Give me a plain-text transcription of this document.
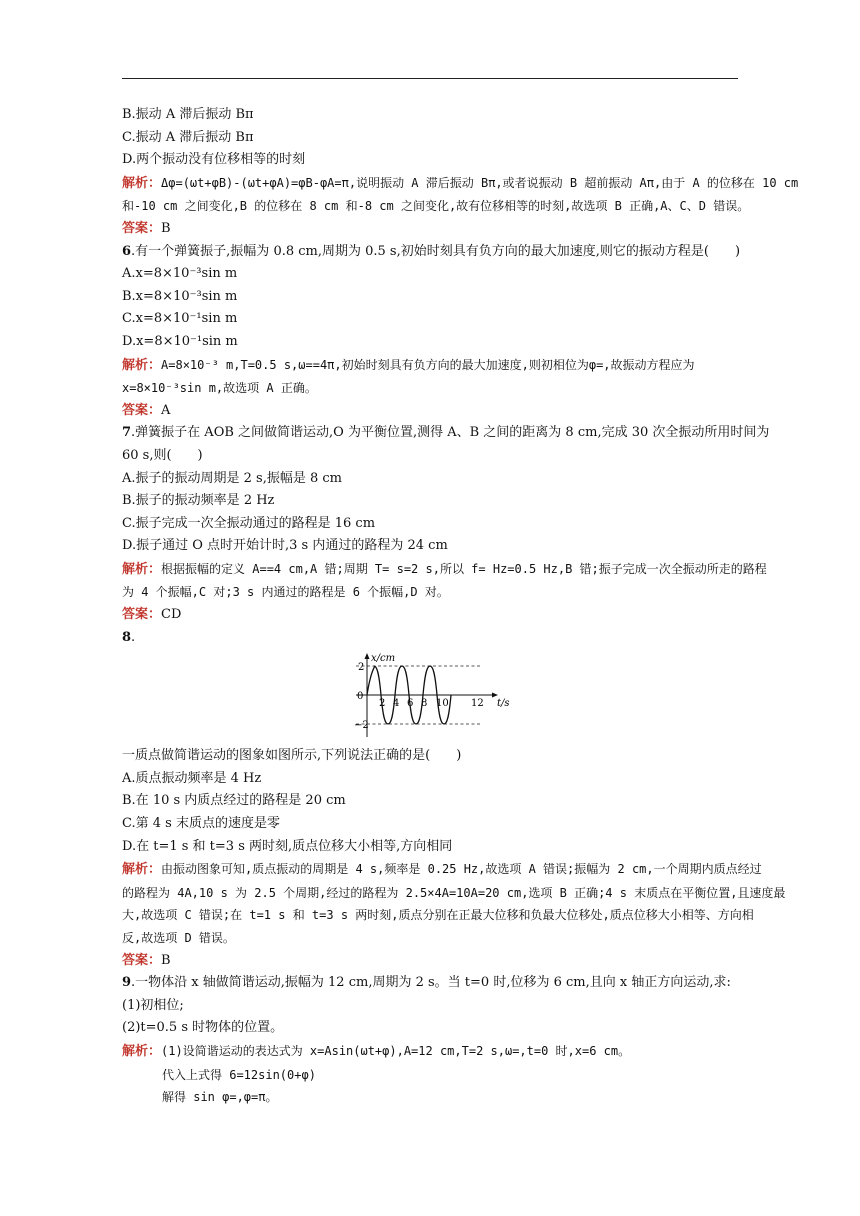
B.振动 A 滞后振动 Bπ
C.振动 A 滞后振动 Bπ
D.两个振动没有位移相等的时刻
解析：Δφ=(ωt+φB)-(ωt+φA)=φB-φA=π,说明振动 A 滞后振动 Bπ,或者说振动 B 超前振动 Aπ,由于 A 的位移在 10 cm
和-10 cm 之间变化,B 的位移在 8 cm 和-8 cm 之间变化,故有位移相等的时刻,故选项 B 正确,A、C、D 错误。
答案：B
6.有一个弹簧振子,振幅为 0.8 cm,周期为 0.5 s,初始时刻具有负方向的最大加速度,则它的振动方程是(　　)
A.x=8×10⁻³sin m
B.x=8×10⁻³sin m
C.x=8×10⁻¹sin m
D.x=8×10⁻¹sin m
解析：A=8×10⁻³ m,T=0.5 s,ω==4π,初始时刻具有负方向的最大加速度,则初相位为φ=,故振动方程应为
x=8×10⁻³sin m,故选项 A 正确。
答案：A
7.弹簧振子在 AOB 之间做简谐运动,O 为平衡位置,测得 A、B 之间的距离为 8 cm,完成 30 次全振动所用时间为
60 s,则(　　)
A.振子的振动周期是 2 s,振幅是 8 cm
B.振子的振动频率是 2 Hz
C.振子完成一次全振动通过的路程是 16 cm
D.振子通过 O 点时开始计时,3 s 内通过的路程为 24 cm
解析：根据振幅的定义 A==4 cm,A 错;周期 T= s=2 s,所以 f= Hz=0.5 Hz,B 错;振子完成一次全振动所走的路程
为 4 个振幅,C 对;3 s 内通过的路程是 6 个振幅,D 对。
答案：CD
8.
x/cm
t/s
0
2
−2
2 4 6 8 10 12
一质点做简谐运动的图象如图所示,下列说法正确的是(　　)
A.质点振动频率是 4 Hz
B.在 10 s 内质点经过的路程是 20 cm
C.第 4 s 末质点的速度是零
D.在 t=1 s 和 t=3 s 两时刻,质点位移大小相等,方向相同
解析：由振动图象可知,质点振动的周期是 4 s,频率是 0.25 Hz,故选项 A 错误;振幅为 2 cm,一个周期内质点经过
的路程为 4A,10 s 为 2.5 个周期,经过的路程为 2.5×4A=10A=20 cm,选项 B 正确;4 s 末质点在平衡位置,且速度最
大,故选项 C 错误;在 t=1 s 和 t=3 s 两时刻,质点分别在正最大位移和负最大位移处,质点位移大小相等、方向相
反,故选项 D 错误。
答案：B
9.一物体沿 x 轴做简谐运动,振幅为 12 cm,周期为 2 s。当 t=0 时,位移为 6 cm,且向 x 轴正方向运动,求:
(1)初相位;
(2)t=0.5 s 时物体的位置。
解析：(1)设简谐运动的表达式为 x=Asin(ωt+φ),A=12 cm,T=2 s,ω=,t=0 时,x=6 cm。
代入上式得 6=12sin(0+φ)
解得 sin φ=,φ=π。
